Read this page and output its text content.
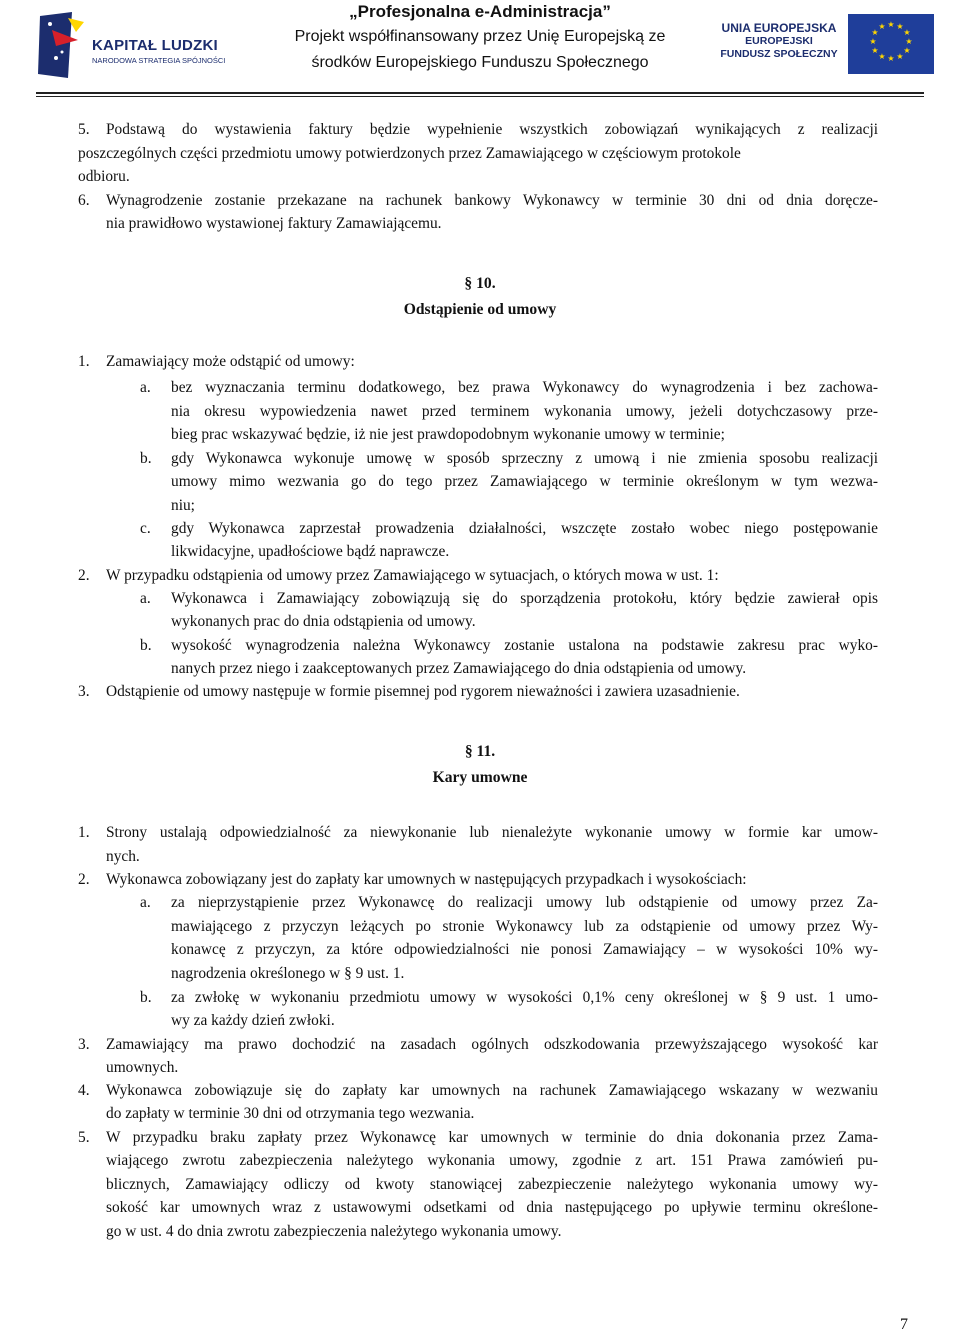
KAPITAŁ LUDZKI
NARODOWA STRATEGIA SPÓJNOŚCI
„Profesjonalna e-Administracja”
Projekt współfinansowany przez Unię Europejską ze
środków Europejskiego Funduszu Społecznego
UNIA EUROPEJSKA
EUROPEJSKI
FUNDUSZ SPOŁECZNY
★ ★
★
★
★
★
★
★
★
★
★
★
5. Podstawą do wystawienia faktury będzie wypełnienie wszystkich zobowiązań wynikających z realizacji
poszczególnych części przedmiotu umowy potwierdzonych przez Zamawiającego w częściowym protokole
odbioru.
6. Wynagrodzenie zostanie przekazane na rachunek bankowy Wykonawcy w terminie 30 dni od dnia doręcze-
nia prawidłowo wystawionej faktury Zamawiającemu.
§ 10.
Odstąpienie od umowy
1. Zamawiający może odstąpić od umowy:
a. bez wyznaczania terminu dodatkowego, bez prawa Wykonawcy do wynagrodzenia i bez zachowa-
nia okresu wypowiedzenia nawet przed terminem wykonania umowy, jeżeli dotychczasowy prze-
bieg prac wskazywać będzie, iż nie jest prawdopodobnym wykonanie umowy w terminie;
b. gdy Wykonawca wykonuje umowę w sposób sprzeczny z umową i nie zmienia sposobu realizacji
umowy mimo wezwania go do tego przez Zamawiającego w terminie określonym w tym wezwa-
niu;
c. gdy Wykonawca zaprzestał prowadzenia działalności, wszczęte zostało wobec niego postępowanie
likwidacyjne, upadłościowe bądź naprawcze.
2. W przypadku odstąpienia od umowy przez Zamawiającego w sytuacjach, o których mowa w ust. 1:
a. Wykonawca i Zamawiający zobowiązują się do sporządzenia protokołu, który będzie zawierał opis
wykonanych prac do dnia odstąpienia od umowy.
b. wysokość wynagrodzenia należna Wykonawcy zostanie ustalona na podstawie zakresu prac wyko-
nanych przez niego i zaakceptowanych przez Zamawiającego do dnia odstąpienia od umowy.
3. Odstąpienie od umowy następuje w formie pisemnej pod rygorem nieważności i zawiera uzasadnienie.
§ 11.
Kary umowne
1. Strony ustalają odpowiedzialność za niewykonanie lub nienależyte wykonanie umowy w formie kar umow-
nych.
2. Wykonawca zobowiązany jest do zapłaty kar umownych w następujących przypadkach i wysokościach:
a. za nieprzystąpienie przez Wykonawcę do realizacji umowy lub odstąpienie od umowy przez Za-
mawiającego z przyczyn leżących po stronie Wykonawcy lub za odstąpienie od umowy przez Wy-
konawcę z przyczyn, za które odpowiedzialności nie ponosi Zamawiający – w wysokości 10% wy-
nagrodzenia określonego w § 9 ust. 1.
b. za zwłokę w wykonaniu przedmiotu umowy w wysokości 0,1% ceny określonej w § 9 ust. 1 umo-
wy za każdy dzień zwłoki.
3. Zamawiający ma prawo dochodzić na zasadach ogólnych odszkodowania przewyższającego wysokość kar
umownych.
4. Wykonawca zobowiązuje się do zapłaty kar umownych na rachunek Zamawiającego wskazany w wezwaniu
do zapłaty w terminie 30 dni od otrzymania tego wezwania.
5. W przypadku braku zapłaty przez Wykonawcę kar umownych w terminie do dnia dokonania przez Zama-
wiającego zwrotu zabezpieczenia należytego wykonania umowy, zgodnie z art. 151 Prawa zamówień pu-
blicznych, Zamawiający odliczy od kwoty stanowiącej zabezpieczenie należytego wykonania umowy wy-
sokość kar umownych wraz z ustawowymi odsetkami od dnia następującego po upływie terminu określone-
go w ust. 4 do dnia zwrotu zabezpieczenia należytego wykonania umowy.
7
